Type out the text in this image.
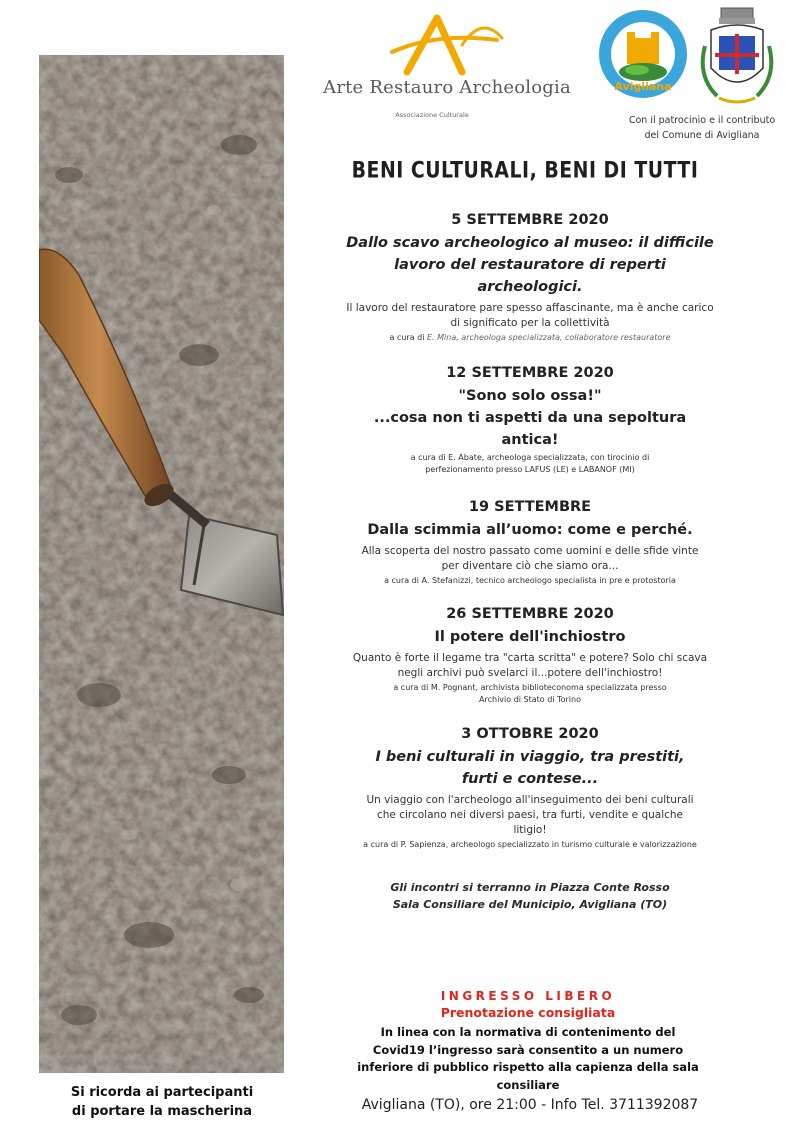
Si ricorda ai partecipanti
di portare la mascherina
Arte Restauro Archeologia
Associazione Culturale
Avigliana
Con il patrocinio e il contributo
del Comune di Avigliana
BENI CULTURALI, BENI DI TUTTI
5 SETTEMBRE 2020
Dallo scavo archeologico al museo: il difficile lavoro del restauratore di reperti archeologici.
Il lavoro del restauratore pare spesso affascinante, ma è anche carico di significato per la collettività
a cura di E. Mina, archeologa specializzata, collaboratore restauratore
12 SETTEMBRE 2020
"Sono solo ossa!"
...cosa non ti aspetti da una sepoltura antica!
a cura di E. Abate, archeologa specializzata, con tirocinio di perfezionamento presso LAFUS (LE) e LABANOF (MI)
19 SETTEMBRE
Dalla scimmia all’uomo: come e perché.
Alla scoperta del nostro passato come uomini e delle sfide vinte per diventare ciò che siamo ora...
a cura di A. Stefanizzi, tecnico archeologo specialista in pre e protostoria
26 SETTEMBRE 2020
Il potere dell'inchiostro
Quanto è forte il legame tra "carta scritta" e potere? Solo chi scava negli archivi può svelarci il...potere dell'inchiostro!
a cura di M. Pognant, archivista biblioteconoma specializzata presso Archivio di Stato di Torino
3 OTTOBRE 2020
I beni culturali in viaggio, tra prestiti, furti e contese...
Un viaggio con l'archeologo all'inseguimento dei beni culturali che circolano nei diversi paesi, tra furti, vendite e qualche litigio!
a cura di P. Sapienza, archeologo specializzato in turismo culturale e valorizzazione
Gli incontri si terranno in Piazza Conte Rosso
Sala Consiliare del Municipio, Avigliana (TO)
INGRESSO LIBERO
Prenotazione consigliata
In linea con la normativa di contenimento del Covid19 l’ingresso sarà consentito a un numero inferiore di pubblico rispetto alla capienza della sala consiliare
Avigliana (TO), ore 21:00 - Info Tel. 3711392087
